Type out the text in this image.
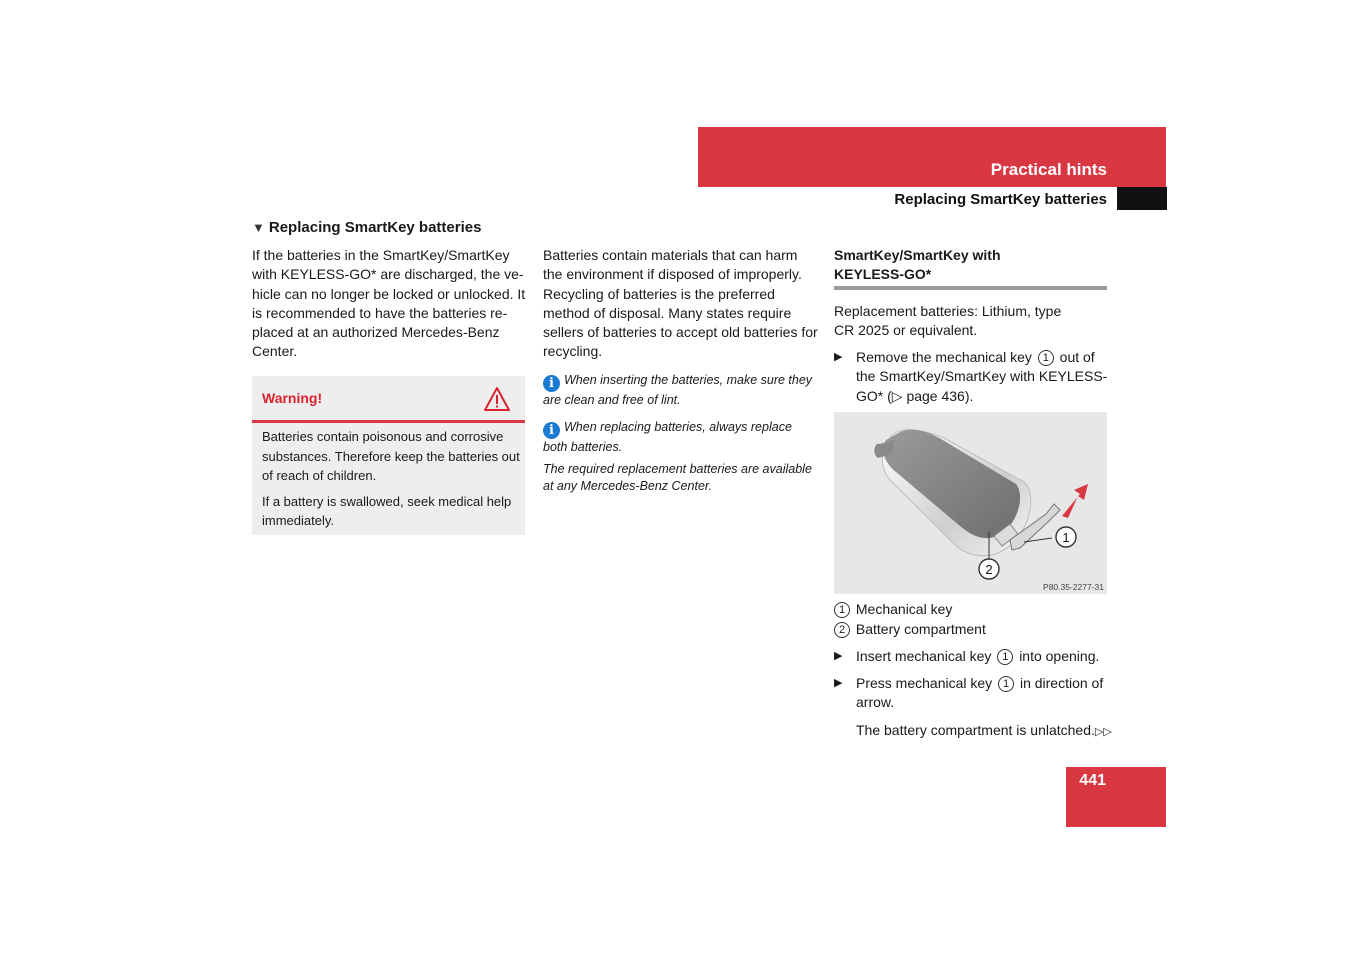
Practical hints
Replacing SmartKey batteries
▼ Replacing SmartKey batteries
If the batteries in the SmartKey/SmartKey with KEYLESS-GO* are discharged, the ve-hicle can no longer be locked or unlocked. It is recommended to have the batteries re-placed at an authorized Mercedes-Benz Center.
Warning!

Batteries contain poisonous and corrosive substances. Therefore keep the batteries out of reach of children.

If a battery is swallowed, seek medical help immediately.

Batteries contain materials that can harm the environment if disposed of improperly. Recycling of batteries is the preferred method of disposal. Many states require sellers of batteries to accept old batteries for recycling.
i When inserting the batteries, make sure they are clean and free of lint.
i When replacing batteries, always replace both batteries.
The required replacement batteries are available at any Mercedes-Benz Center.
SmartKey/SmartKey with
KEYLESS-GO*
Replacement batteries: Lithium, type
CR 2025 or equivalent.
▶ Remove the mechanical key 1 out of the SmartKey/SmartKey with KEYLESS-GO* (▷ page 436).
1
2
P80.35-2277-31
1 Mechanical key
2 Battery compartment
▶ Insert mechanical key 1 into opening.
▶ Press mechanical key 1 in direction of arrow.
The battery compartment is unlatched.▷▷
441
